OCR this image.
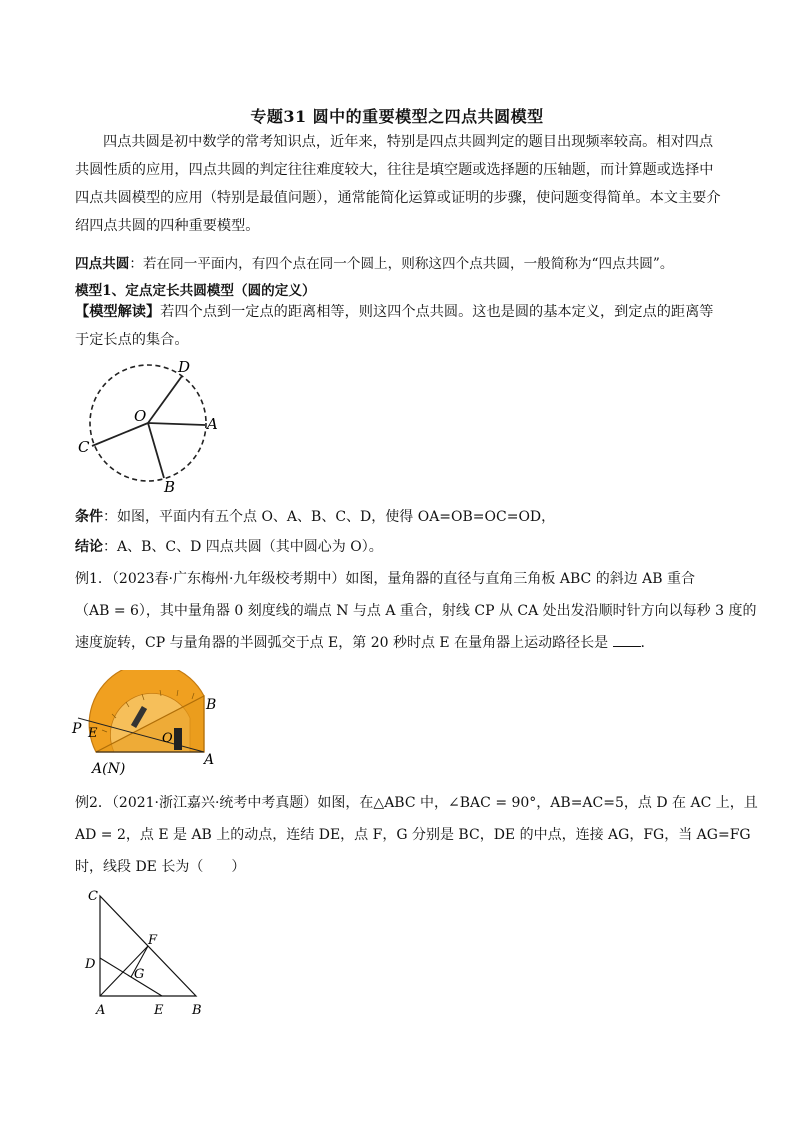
专题31 圆中的重要模型之四点共圆模型

四点共圆是初中数学的常考知识点，近年来，特别是四点共圆判定的题目出现频率较高。相对四点共圆性质的应用，四点共圆的判定往往难度较大，往往是填空题或选择题的压轴题，而计算题或选择中四点共圆模型的应用（特别是最值问题），通常能简化运算或证明的步骤，使问题变得简单。本文主要介绍四点共圆的四种重要模型。

四点共圆：若在同一平面内，有四个点在同一个圆上，则称这四个点共圆，一般简称为“四点共圆”。
模型1、定点定长共圆模型（圆的定义）

【模型解读】若四个点到一定点的距离相等，则这四个点共圆。这也是圆的基本定义，到定点的距离等于定长点的集合。

D
O	A
C
B
条件：如图，平面内有五个点 O、A、B、C、D，使得 OA=OB=OC=OD，
结论：A、B、C、D 四点共圆（其中圆心为 O）。
例1．（2023春·广东梅州·九年级校考期中）如图，量角器的直径与直角三角板 ABC 的斜边 AB 重合
（AB = 6），其中量角器 0 刻度线的端点 N 与点 A 重合，射线 CP 从 CA 处出发沿顺时针方向以每秒 3 度的
速度旋转，CP 与量角器的半圆弧交于点 E，第 20 秒时点 E 在量角器上运动路径长是 .
P E	O
B
A
A(N)
例2．（2021·浙江嘉兴·统考中考真题）如图，在△ABC 中，∠BAC = 90°，AB=AC=5，点 D 在 AC 上，且
AD = 2，点 E 是 AB 上的动点，连结 DE，点 F，G 分别是 BC，DE 的中点，连接 AG，FG，当 AG=FG
时，线段 DE 长为（　　）
C
D
F
G
A	E B
